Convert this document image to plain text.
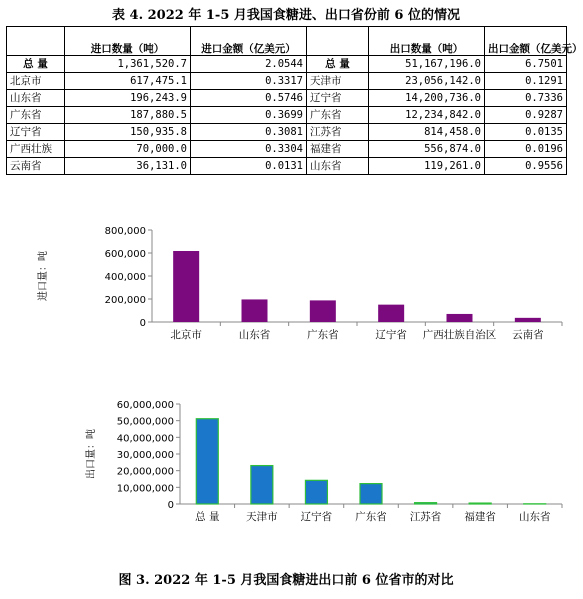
表 4. 2022 年 1-5 月我国食糖进、出口省份前 6 位的情况
	进口数量（吨）	进口金额（亿美元）		出口数量（吨）	出口金额（亿美元）
总 量	1,361,520.7	2.0544	总 量	51,167,196.0	6.7501
北京市	617,475.1	0.3317	天津市	23,056,142.0	0.1291
山东省	196,243.9	0.5746	辽宁省	14,200,736.0	0.7336
广东省	187,880.5	0.3699	广东省	12,234,842.0	0.9287
辽宁省	150,935.8	0.3081	江苏省	814,458.0	0.0135
广西壮族	70,000.0	0.3304	福建省	556,874.0	0.0196
云南省	36,131.0	0.0131	山东省	119,261.0	0.9556
0
200,000
400,000
600,000
800,000
进口量：吨
北京市	山东省	广东省	辽宁省 广西壮族自治区 云南省
0
10,000,000
20,000,000
30,000,000
40,000,000
50,000,000
60,000,000
出口量：吨
总 量	天津市 辽宁省 广东省 江苏省 福建省 山东省
图 3. 2022 年 1-5 月我国食糖进出口前 6 位省市的对比
